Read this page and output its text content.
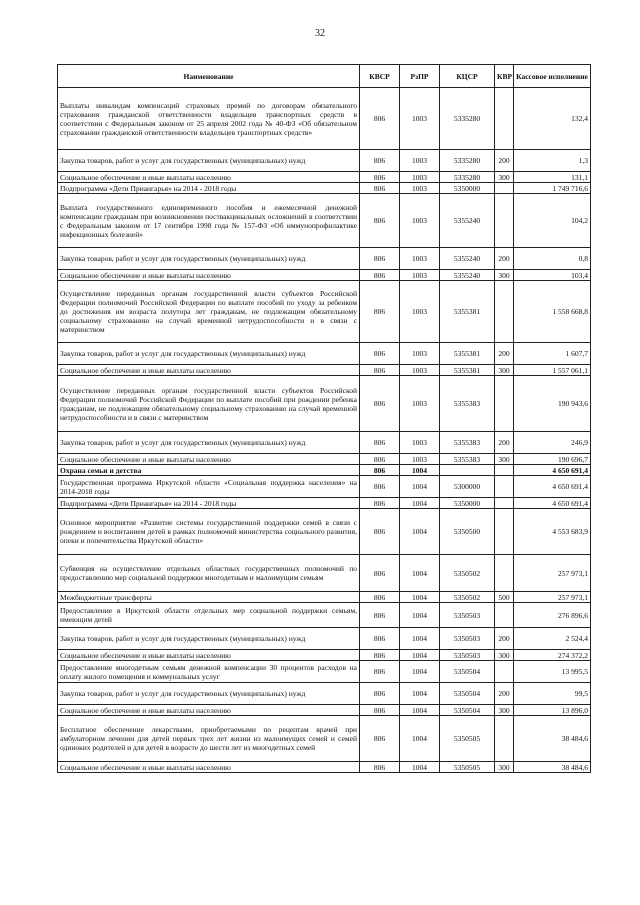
32
Наименование	КВСР	РзПР	КЦСР	КВР	Кассовое исполнение
Выплаты инвалидам компенсаций страховых премий по договорам обязательного страхования гражданской ответственности владельцев транспортных средств в соответствии с Федеральным законом от 25 апреля 2002 года № 40-ФЗ «Об обязательном страховании гражданской ответственности владельцев транспортных средств»	806	1003	5335280		132,4
Закупка товаров, работ и услуг для государственных (муниципальных) нужд	806	1003	5335280	200	1,3
Социальное обеспечение и иные выплаты населению	806	1003	5335280	300	131,1
Подпрограмма «Дети Приангарья» на 2014 - 2018 годы	806	1003	5350000		1 749 716,6
Выплата государственного единовременного пособия и ежемесячной денежной компенсации гражданам при возникновении поствакцинальных осложнений в соответствии с Федеральным законом от 17 сентября 1998 года № 157-ФЗ «Об иммунопрофилактике инфекционных болезней»	806	1003	5355240		104,2
Закупка товаров, работ и услуг для государственных (муниципальных) нужд	806	1003	5355240	200	0,8
Социальное обеспечение и иные выплаты населению	806	1003	5355240	300	103,4
Осуществление переданных органам государственной власти субъектов Российской Федерации полномочий Российской Федерации по выплате пособий по уходу за ребенком до достижения им возраста полутора лет гражданам, не подлежащим обязательному социальному страхованию на случай временной нетрудоспособности и в связи с материнством	806	1003	5355381		1 558 668,8
Закупка товаров, работ и услуг для государственных (муниципальных) нужд	806	1003	5355381	200	1 607,7
Социальное обеспечение и иные выплаты населению	806	1003	5355381	300	1 557 061,1
Осуществление переданных органам государственной власти субъектов Российской Федерации полномочий Российской Федерации по выплате пособий при рождении ребенка гражданам, не подлежащим обязательному социальному страхованию на случай временной нетрудоспособности и в связи с материнством	806	1003	5355383		190 943,6
Закупка товаров, работ и услуг для государственных (муниципальных) нужд	806	1003	5355383	200	246,9
Социальное обеспечение и иные выплаты населению	806	1003	5355383	300	190 696,7
Охрана семьи и детства	806	1004			4 650 691,4
Государственная программа Иркутской области «Социальная поддержка населения» на 2014-2018 годы	806	1004	5300000		4 650 691,4
Подпрограмма «Дети Приангарья» на 2014 - 2018 годы	806	1004	5350000		4 650 691,4
Основное мероприятие «Развитие системы государственной поддержки семей в связи с рождением и воспитанием детей в рамках полномочий министерства социального развития, опеки и попечительства Иркутской области»	806	1004	5350500		4 553 683,9
Субвенция на осуществление отдельных областных государственных полномочий по предоставлению мер социальной поддержки многодетным и малоимущим семьям	806	1004	5350502		257 973,1
Межбюджетные трансферты	806	1004	5350502	500	257 973,1
Предоставление в Иркутской области отдельных мер социальной поддержки семьям, имеющим детей	806	1004	5350503		276 896,6
Закупка товаров, работ и услуг для государственных (муниципальных) нужд	806	1004	5350503	200	2 524,4
Социальное обеспечение и иные выплаты населению	806	1004	5350503	300	274 372,2
Предоставление многодетным семьям денежной компенсации 30 процентов расходов на оплату жилого помещения и коммунальных услуг	806	1004	5350504		13 995,5
Закупка товаров, работ и услуг для государственных (муниципальных) нужд	806	1004	5350504	200	99,5
Социальное обеспечение и иные выплаты населению	806	1004	5350504	300	13 896,0
Бесплатное обеспечение лекарствами, приобретаемыми по рецептам врачей при амбулаторном лечении для детей первых трех лет жизни из малоимущих семей и семей одиноких родителей и для детей в возрасте до шести лет из многодетных семей	806	1004	5350505		38 484,6
Социальное обеспечение и иные выплаты населению	806	1004	5350505	300	38 484,6
